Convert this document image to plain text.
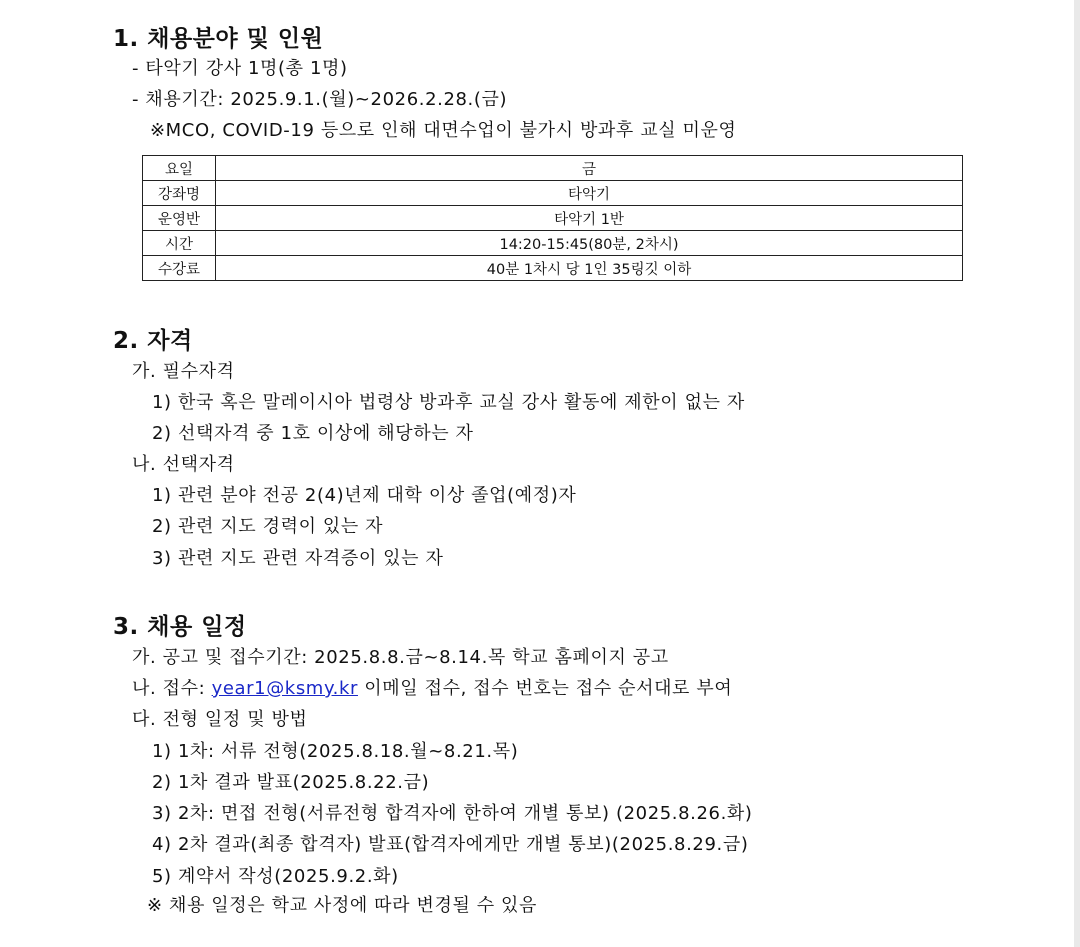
1. 채용분야 및 인원
- 타악기 강사 1명(총 1명)
- 채용기간: 2025.9.1.(월)~2026.2.28.(금)
※MCO, COVID-19 등으로 인해 대면수업이 불가시 방과후 교실 미운영
요일	금
강좌명	타악기
운영반	타악기 1반
시간	14:20-15:45(80분, 2차시)
수강료	40분 1차시 당 1인 35링깃 이하
2. 자격
가. 필수자격
1) 한국 혹은 말레이시아 법령상 방과후 교실 강사 활동에 제한이 없는 자
2) 선택자격 중 1호 이상에 해당하는 자
나. 선택자격
1) 관련 분야 전공 2(4)년제 대학 이상 졸업(예정)자
2) 관련 지도 경력이 있는 자
3) 관련 지도 관련 자격증이 있는 자
3. 채용 일정
가. 공고 및 접수기간: 2025.8.8.금~8.14.목 학교 홈페이지 공고
나. 접수: year1@ksmy.kr 이메일 접수, 접수 번호는 접수 순서대로 부여
다. 전형 일정 및 방법
1) 1차: 서류 전형(2025.8.18.월~8.21.목)
2) 1차 결과 발표(2025.8.22.금)
3) 2차: 면접 전형(서류전형 합격자에 한하여 개별 통보) (2025.8.26.화)
4) 2차 결과(최종 합격자) 발표(합격자에게만 개별 통보)(2025.8.29.금)
5) 계약서 작성(2025.9.2.화)
※ 채용 일정은 학교 사정에 따라 변경될 수 있음
